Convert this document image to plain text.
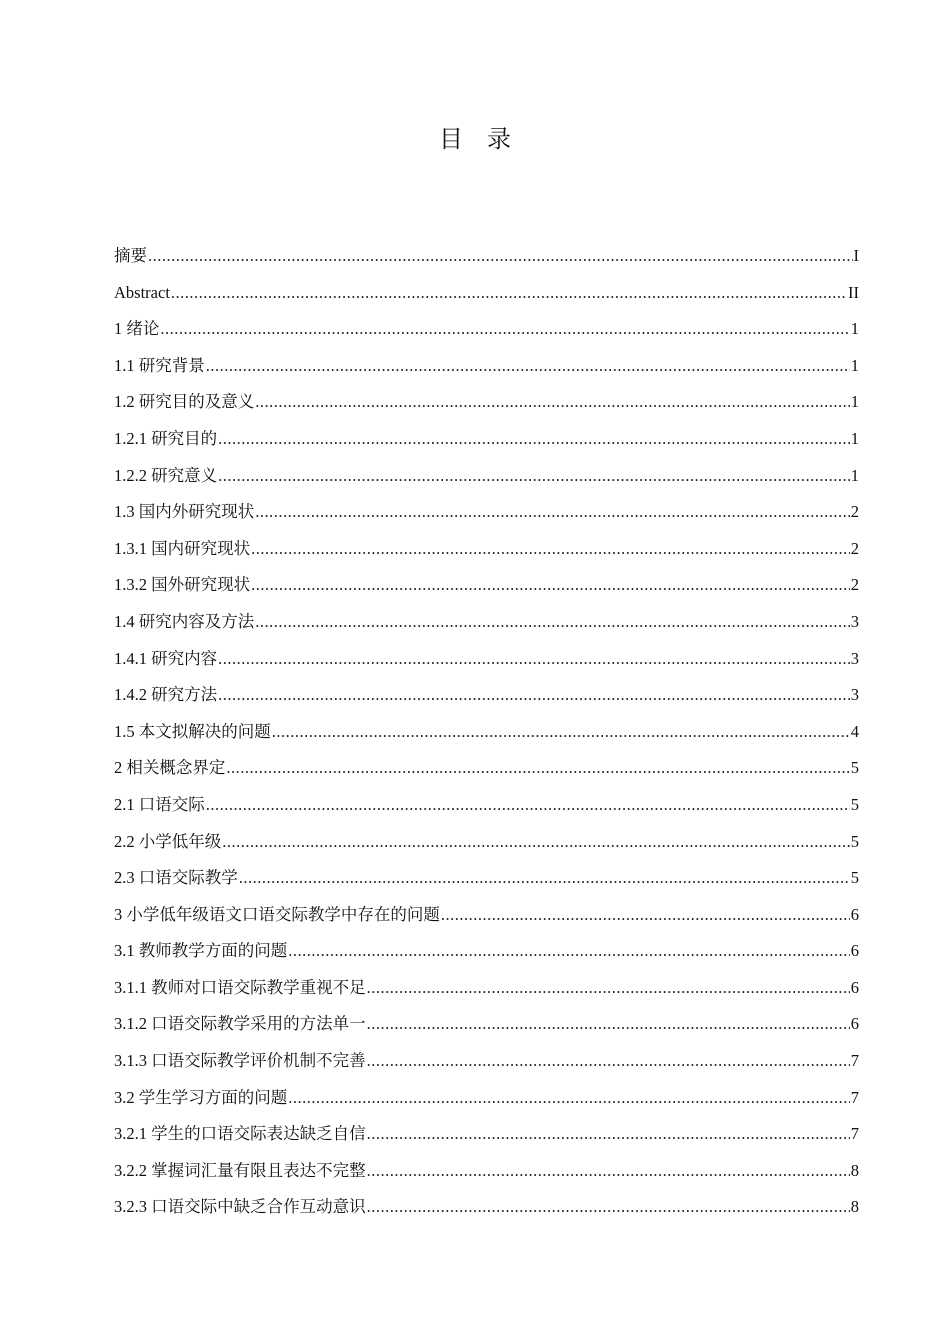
目录
摘要 .....	I
Abstract .....	II
1 绪论 .....	1
1.1 研究背景 .....	1
1.2 研究目的及意义 .....	1
1.2.1 研究目的 .....	1
1.2.2 研究意义 .....	1
1.3 国内外研究现状 .....	2
1.3.1 国内研究现状 .....	2
1.3.2 国外研究现状 .....	2
1.4 研究内容及方法 .....	3
1.4.1 研究内容 .....	3
1.4.2 研究方法 .....	3
1.5 本文拟解决的问题 .....	4
2 相关概念界定 .....	5
2.1 口语交际 .....	5
2.2 小学低年级 .....	5
2.3 口语交际教学 .....	5
3 小学低年级语文口语交际教学中存在的问题 .....	6
3.1 教师教学方面的问题 .....	6
3.1.1 教师对口语交际教学重视不足 .....	6
3.1.2 口语交际教学采用的方法单一 .....	6
3.1.3 口语交际教学评价机制不完善 .....	7
3.2 学生学习方面的问题 .....	7
3.2.1 学生的口语交际表达缺乏自信 .....	7
3.2.2 掌握词汇量有限且表达不完整 .....	8
3.2.3 口语交际中缺乏合作互动意识 .....	8
